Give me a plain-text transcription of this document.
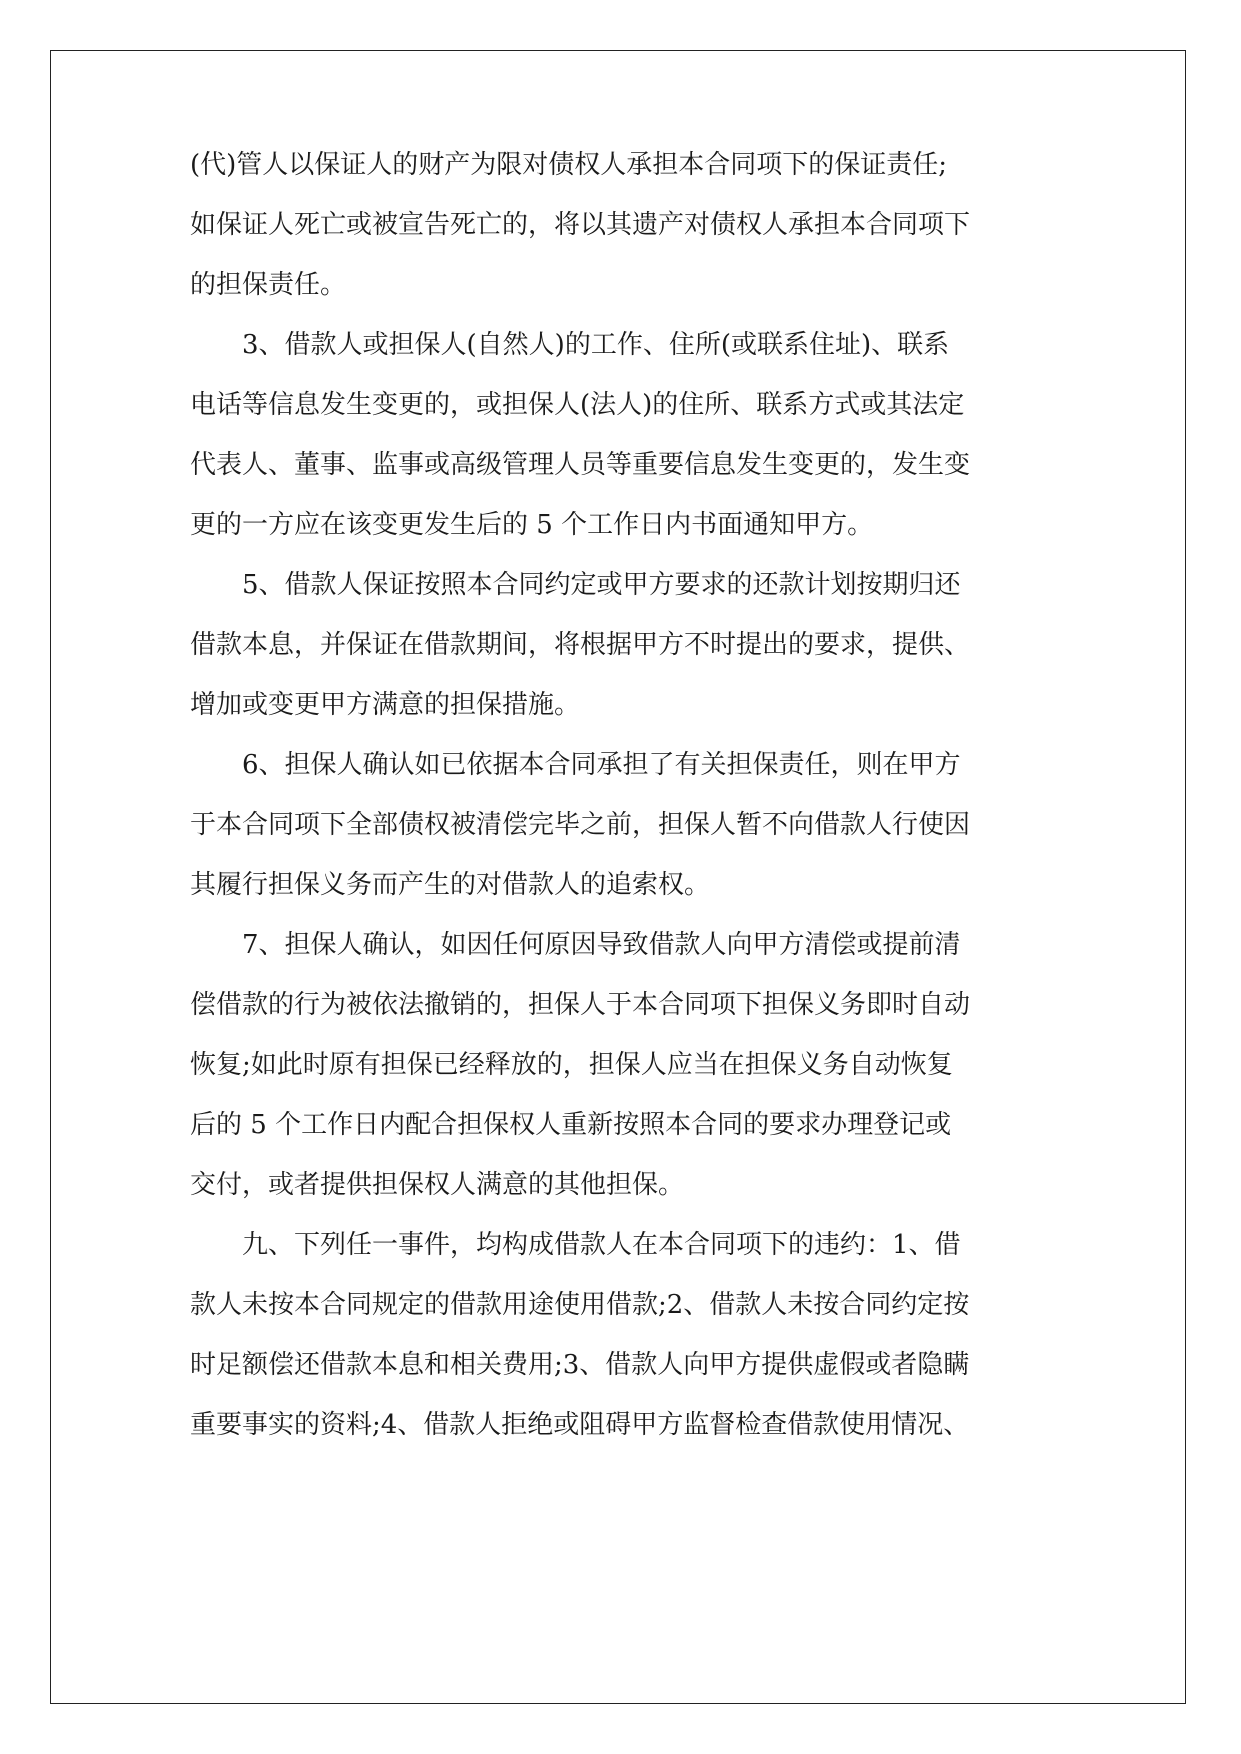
(代)管人以保证人的财产为限对债权人承担本合同项下的保证责任;
如保证人死亡或被宣告死亡的，将以其遗产对债权人承担本合同项下
的担保责任。
3、借款人或担保人(自然人)的工作、住所(或联系住址)、联系
电话等信息发生变更的，或担保人(法人)的住所、联系方式或其法定
代表人、董事、监事或高级管理人员等重要信息发生变更的，发生变
更的一方应在该变更发生后的 5 个工作日内书面通知甲方。
5、借款人保证按照本合同约定或甲方要求的还款计划按期归还
借款本息，并保证在借款期间，将根据甲方不时提出的要求，提供、
增加或变更甲方满意的担保措施。
6、担保人确认如已依据本合同承担了有关担保责任，则在甲方
于本合同项下全部债权被清偿完毕之前，担保人暂不向借款人行使因
其履行担保义务而产生的对借款人的追索权。
7、担保人确认，如因任何原因导致借款人向甲方清偿或提前清
偿借款的行为被依法撤销的，担保人于本合同项下担保义务即时自动
恢复;如此时原有担保已经释放的，担保人应当在担保义务自动恢复
后的 5 个工作日内配合担保权人重新按照本合同的要求办理登记或
交付，或者提供担保权人满意的其他担保。
九、下列任一事件，均构成借款人在本合同项下的违约：1、借
款人未按本合同规定的借款用途使用借款;2、借款人未按合同约定按
时足额偿还借款本息和相关费用;3、借款人向甲方提供虚假或者隐瞒
重要事实的资料;4、借款人拒绝或阻碍甲方监督检查借款使用情况、
